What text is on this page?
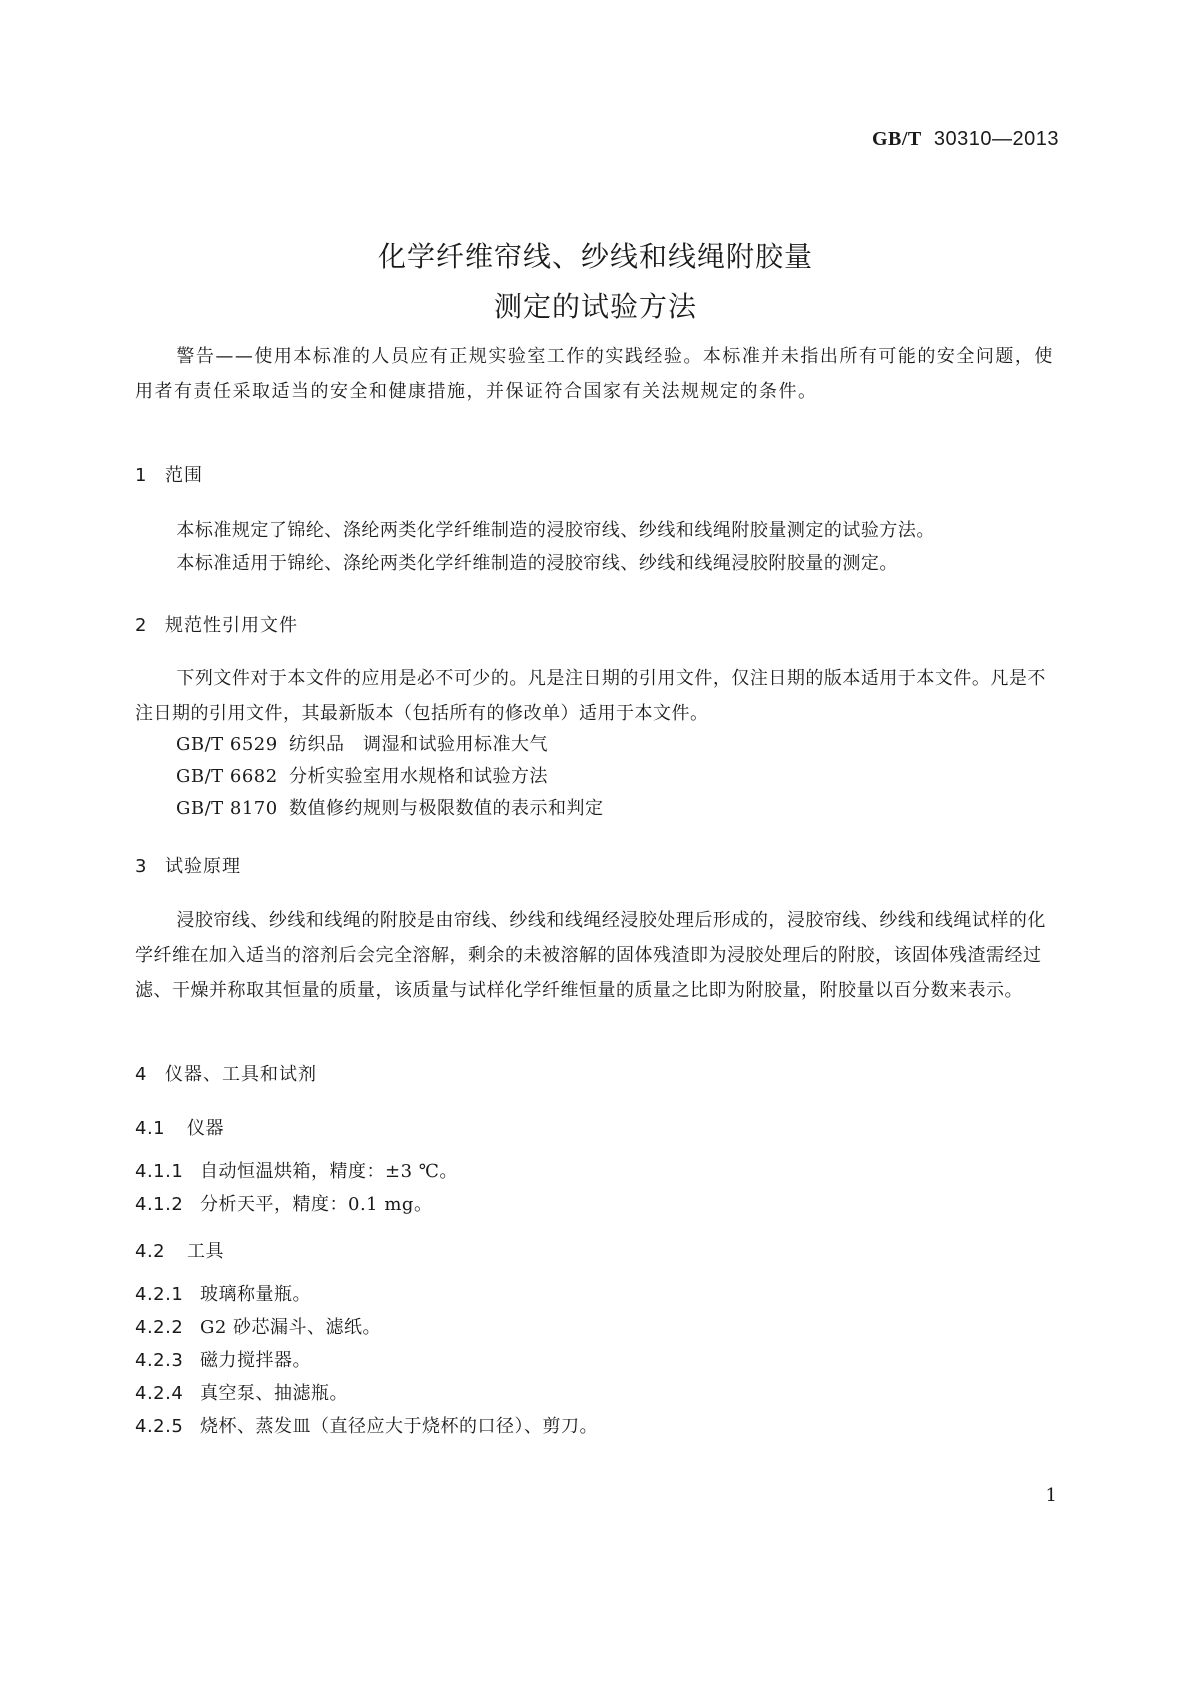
GB/T 30310—2013
化学纤维帘线、纱线和线绳附胶量
测定的试验方法
警告——使用本标准的人员应有正规实验室工作的实践经验。本标准并未指出所有可能的安全问题，使用者有责任采取适当的安全和健康措施，并保证符合国家有关法规规定的条件。
1 范围
本标准规定了锦纶、涤纶两类化学纤维制造的浸胶帘线、纱线和线绳附胶量测定的试验方法。
本标准适用于锦纶、涤纶两类化学纤维制造的浸胶帘线、纱线和线绳浸胶附胶量的测定。
2 规范性引用文件
下列文件对于本文件的应用是必不可少的。凡是注日期的引用文件，仅注日期的版本适用于本文件。凡是不注日期的引用文件，其最新版本（包括所有的修改单）适用于本文件。
GB/T 6529 纺织品　调湿和试验用标准大气
GB/T 6682 分析实验室用水规格和试验方法
GB/T 8170 数值修约规则与极限数值的表示和判定
3 试验原理
浸胶帘线、纱线和线绳的附胶是由帘线、纱线和线绳经浸胶处理后形成的，浸胶帘线、纱线和线绳试样的化学纤维在加入适当的溶剂后会完全溶解，剩余的未被溶解的固体残渣即为浸胶处理后的附胶，该固体残渣需经过滤、干燥并称取其恒量的质量，该质量与试样化学纤维恒量的质量之比即为附胶量，附胶量以百分数来表示。
4 仪器、工具和试剂
4.1 仪器
4.1.1 自动恒温烘箱，精度：±3 ℃。
4.1.2 分析天平，精度：0.1 mg。
4.2 工具
4.2.1 玻璃称量瓶。
4.2.2 G2 砂芯漏斗、滤纸。
4.2.3 磁力搅拌器。
4.2.4 真空泵、抽滤瓶。
4.2.5 烧杯、蒸发皿（直径应大于烧杯的口径）、剪刀。
1
